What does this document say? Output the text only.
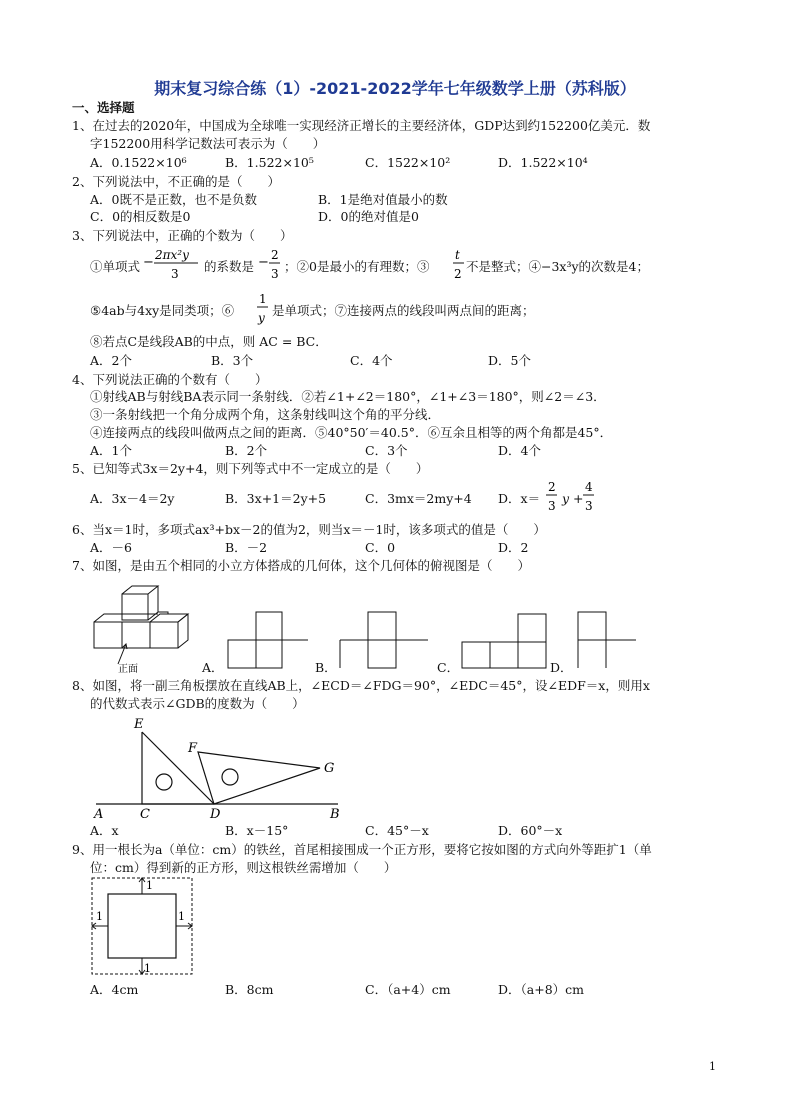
期末复习综合练（1）-2021-2022学年七年级数学上册（苏科版）
一、选择题
1、在过去的2020年，中国成为全球唯一实现经济正增长的主要经济体，GDP达到约152200亿美元．数
字152200用科学记数法可表示为（　　）
A．0.1522×10⁶	B．1.522×10⁵	C．1522×10²	D．1.522×10⁴
2、下列说法中，不正确的是（　　）
A．0既不是正数，也不是负数	B．1是绝对值最小的数
C．0的相反数是0	D．0的绝对值是0
3、下列说法中，正确的个数为（　　）
①单项式 − 2πx²y
3 的系数是 − 2
3 ；②0是最小的有理数；③
t
2 不是整式；④−3x³y的次数是4；
⑤4ab与4xy是同类项；⑥
1
y 是单项式；⑦连接两点的线段叫两点间的距离；
⑧若点C是线段AB的中点，则 AC = BC．
A．2个	B．3个	C．4个	D．5个
4、下列说法正确的个数有（　　）
①射线AB与射线BA表示同一条射线．②若∠1+∠2＝180°，∠1+∠3＝180°，则∠2＝∠3．
③一条射线把一个角分成两个角，这条射线叫这个角的平分线．
④连接两点的线段叫做两点之间的距离．⑤40°50′＝40.5°．⑥互余且相等的两个角都是45°．
A．1个	B．2个	C．3个	D．4个
5、已知等式3x＝2y+4，则下列等式中不一定成立的是（　　）
A．3x－4＝2y	B．3x+1＝2y+5	C．3mx＝2my+4 D．x＝
2
3 y +
4
3
6、当x＝1时，多项式ax³+bx－2的值为2，则当x＝－1时，该多项式的值是（　　）
A．－6	B．－2	C．0	D．2
7、如图，是由五个相同的小立方体搭成的几何体，这个几何体的俯视图是（　　）
正面	A．	B．	C．	D．
8、如图，将一副三角板摆放在直线AB上，∠ECD＝∠FDG＝90°，∠EDC＝45°，设∠EDF＝x，则用x
的代数式表示∠GDB的度数为（　　）
E
F
G
A	C	D	B
A．x	B．x－15°	C．45°－x	D．60°－x
9、用一根长为a（单位：cm）的铁丝，首尾相接围成一个正方形，要将它按如图的方式向外等距扩1（单
位：cm）得到新的正方形，则这根铁丝需增加（　　）
1
1	1
1
A．4cm	B．8cm	C．（a+4）cm	D．（a+8）cm
1
